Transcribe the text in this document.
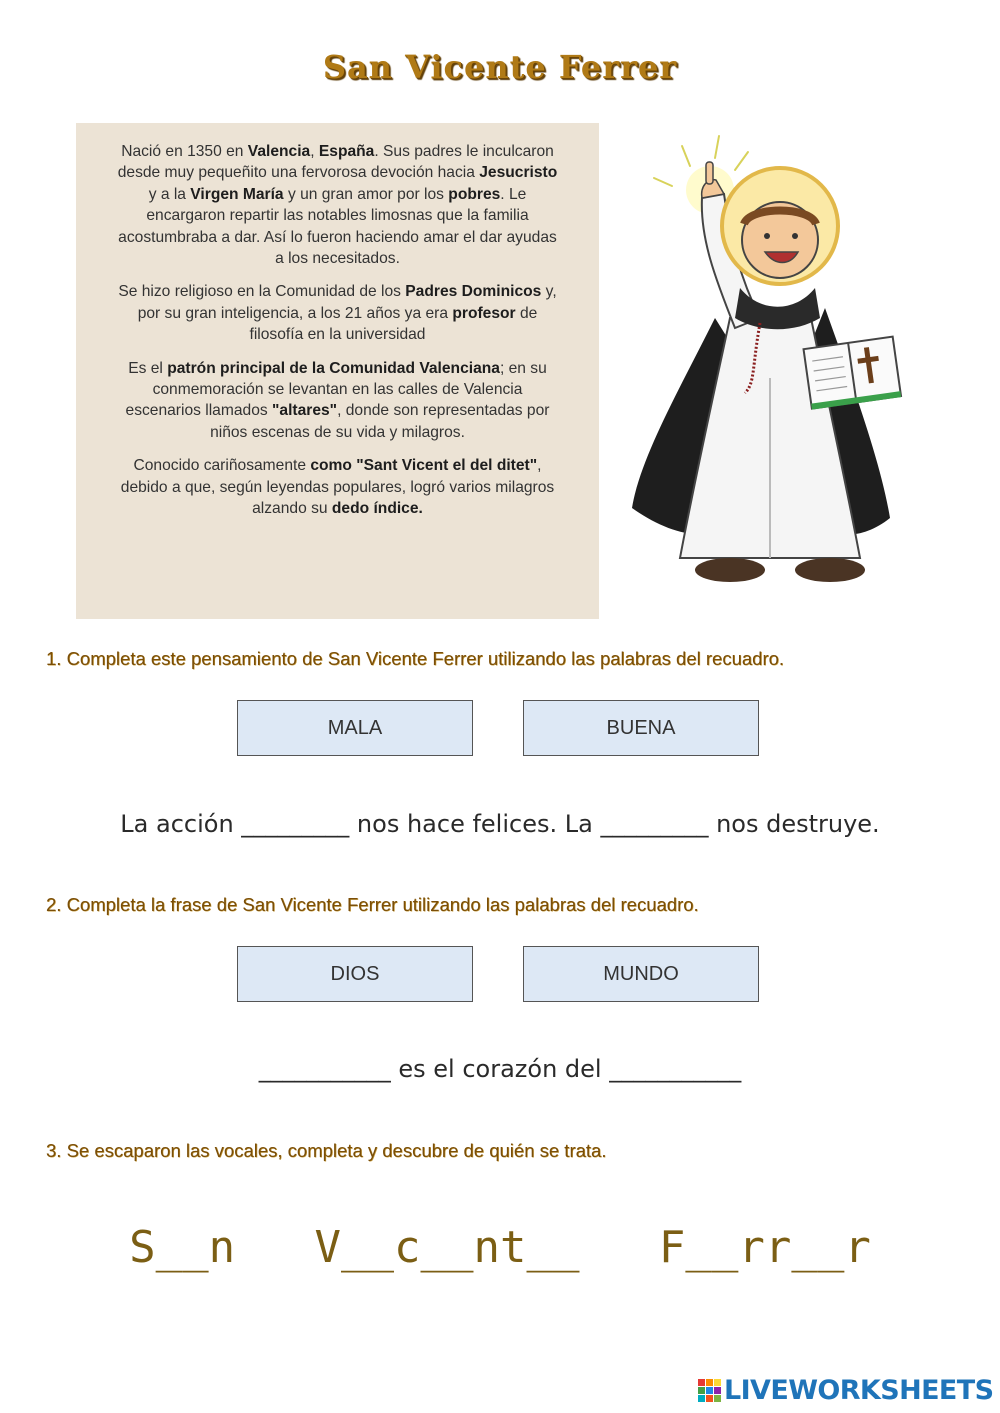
San Vicente Ferrer

Nació en 1350 en Valencia, España. Sus padres le inculcaron desde muy pequeñito una fervorosa devoción hacia Jesucristo y a la Virgen María y un gran amor por los pobres. Le encargaron repartir las notables limosnas que la familia acostumbraba a dar. Así lo fueron haciendo amar el dar ayudas a los necesitados.

Se hizo religioso en la Comunidad de los Padres Dominicos y, por su gran inteligencia, a los 21 años ya era profesor de filosofía en la universidad

Es el patrón principal de la Comunidad Valenciana; en su conmemoración se levantan en las calles de Valencia escenarios llamados "altares", donde son representadas por niños escenas de su vida y milagros.

Conocido cariñosamente como "Sant Vicent el del ditet", debido a que, según leyendas populares, logró varios milagros alzando su dedo índice.

1. Completa este pensamiento de San Vicente Ferrer utilizando las palabras del recuadro.
MALA	BUENA
La acción _________ nos hace felices. La _________ nos destruye.
2. Completa la frase de San Vicente Ferrer utilizando las palabras del recuadro.
DIOS	MUNDO
___________ es el corazón del ___________
3. Se escaparon las vocales, completa y descubre de quién se trata.
S__n   V__c__nt__   F__rr__r
LIVEWORKSHEETS
